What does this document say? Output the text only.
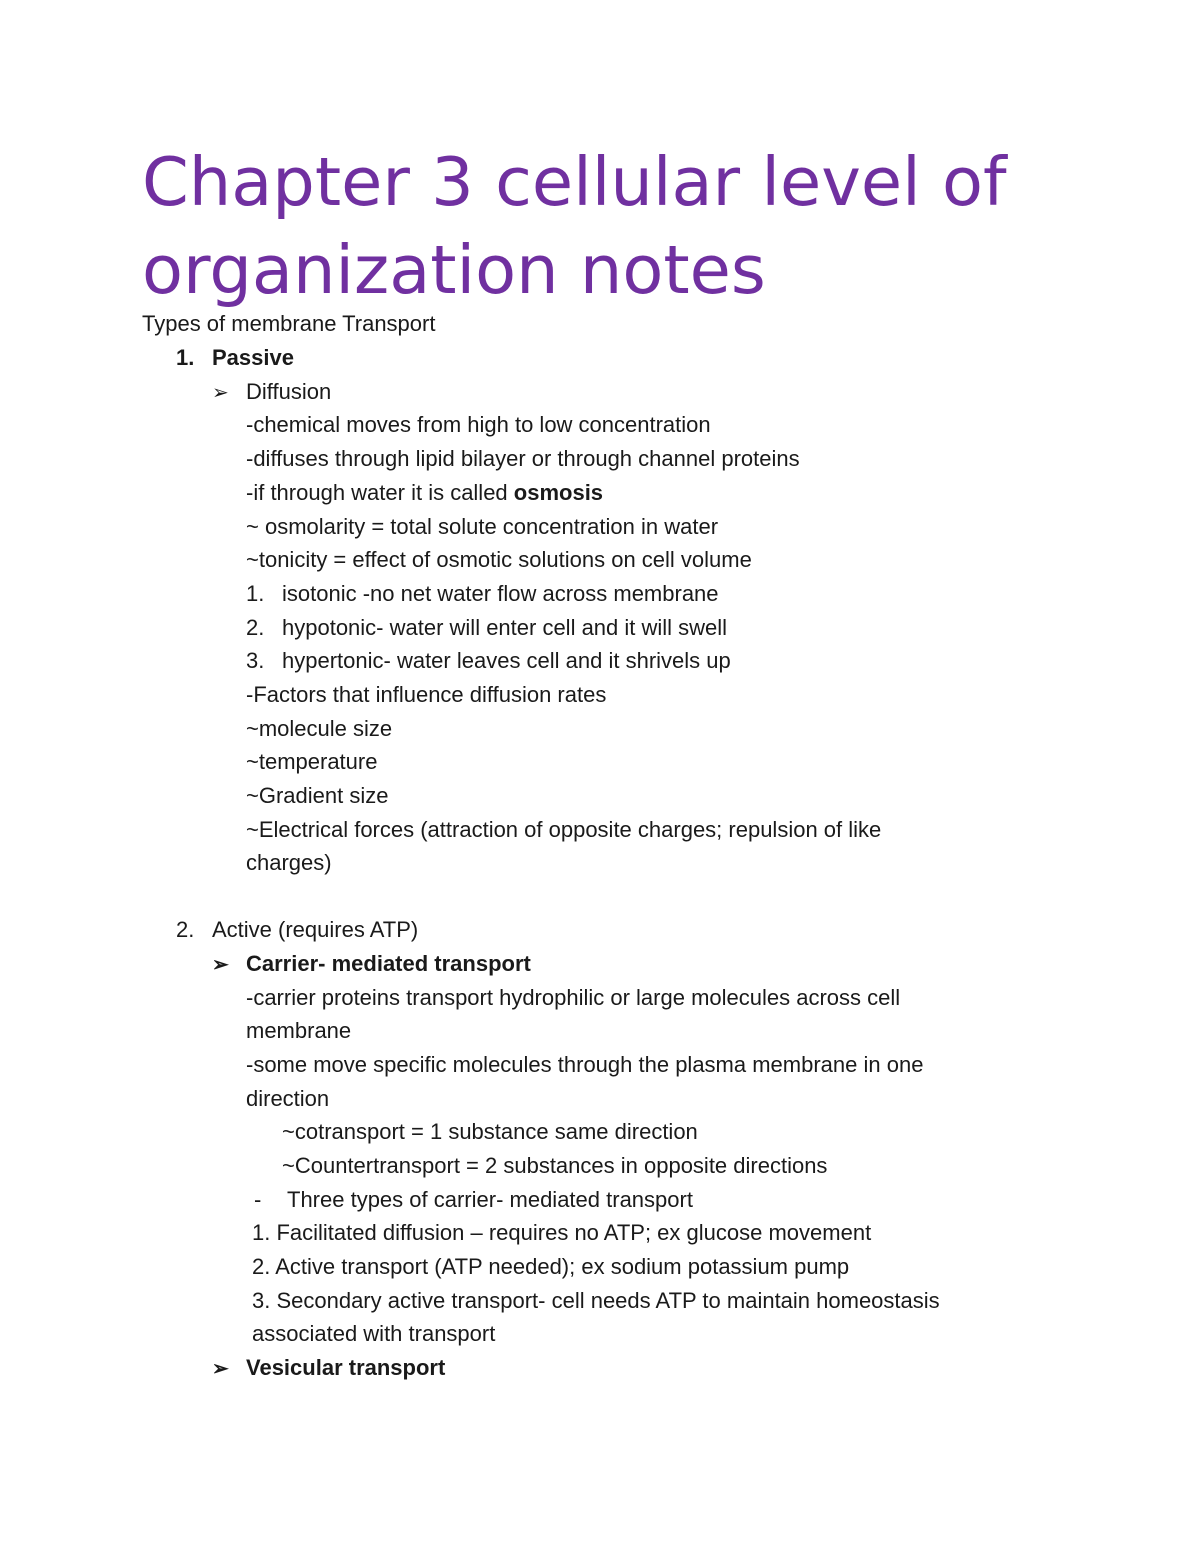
Chapter 3 cellular level of
organization notes
Types of membrane Transport
1. Passive
➢ Diffusion
-chemical moves from high to low concentration
-diffuses through lipid bilayer or through channel proteins
-if through water it is called osmosis
~ osmolarity = total solute concentration in water
~tonicity = effect of osmotic solutions on cell volume
1. isotonic -no net water flow across membrane
2. hypotonic- water will enter cell and it will swell
3. hypertonic- water leaves cell and it shrivels up
-Factors that influence diffusion rates
~molecule size
~temperature
~Gradient size
~Electrical forces (attraction of opposite charges; repulsion of like
charges)
2. Active (requires ATP)
➢ Carrier- mediated transport
-carrier proteins transport hydrophilic or large molecules across cell
membrane
-some move specific molecules through the plasma membrane in one
direction
~cotransport = 1 substance same direction
~Countertransport = 2 substances in opposite directions
- Three types of carrier- mediated transport
1. Facilitated diffusion – requires no ATP; ex glucose movement
2. Active transport (ATP needed); ex sodium potassium pump
3. Secondary active transport- cell needs ATP to maintain homeostasis
associated with transport
➢ Vesicular transport
